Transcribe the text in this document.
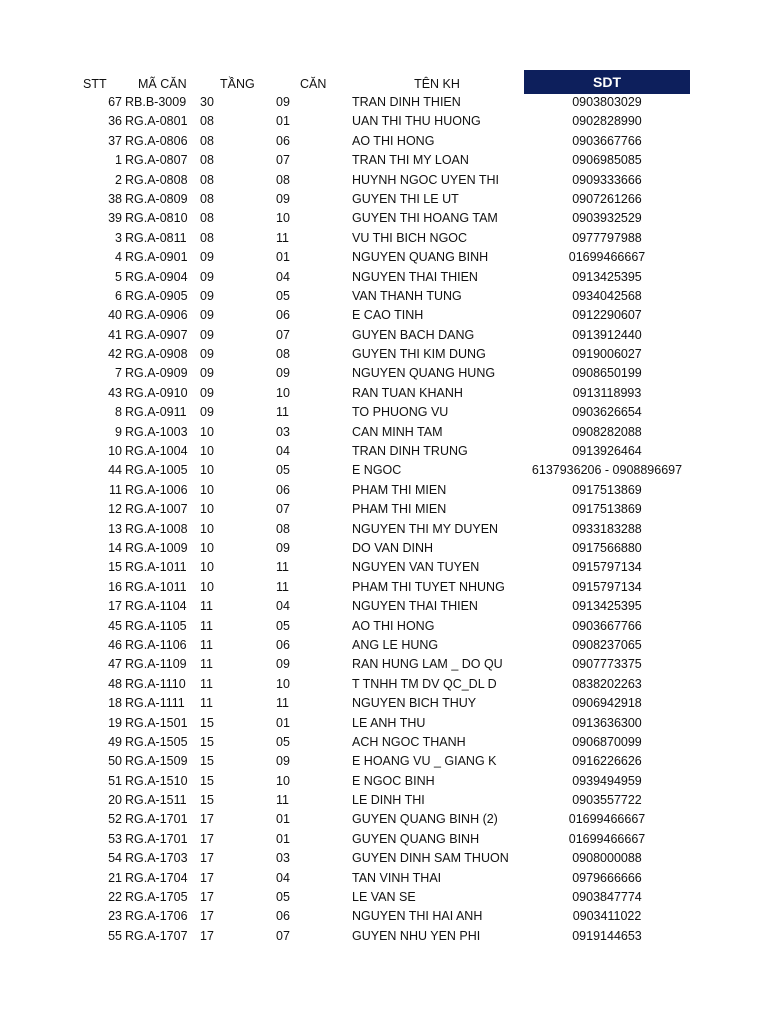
STT	MÃ CĂN	TẦNG	CĂN	TÊN KH	SDT
67 RB.B-3009 30	09	TRAN DINH THIEN	0903803029
36 RG.A-0801 08	01	UAN THI THU HUONG	0902828990
37 RG.A-0806 08	06	AO THI HONG	0903667766
1 RG.A-0807 08	07	TRAN THI MY LOAN	0906985085
2 RG.A-0808 08	08	HUYNH NGOC UYEN THI	0909333666
38 RG.A-0809 08	09	GUYEN THI LE UT	0907261266
39 RG.A-0810 08	10	GUYEN THI HOANG TAM	0903932529
3 RG.A-0811 08	11	VU THI BICH NGOC	0977797988
4 RG.A-0901 09	01	NGUYEN QUANG BINH	01699466667
5 RG.A-0904 09	04	NGUYEN THAI THIEN	0913425395
6 RG.A-0905 09	05	VAN THANH TUNG	0934042568
40 RG.A-0906 09	06	E CAO TINH	0912290607
41 RG.A-0907 09	07	GUYEN BACH DANG	0913912440
42 RG.A-0908 09	08	GUYEN THI KIM DUNG	0919006027
7 RG.A-0909 09	09	NGUYEN QUANG HUNG	0908650199
43 RG.A-0910 09	10	RAN TUAN KHANH	0913118993
8 RG.A-0911 09	11	TO PHUONG VU	0903626654
9 RG.A-1003 10	03	CAN MINH TAM	0908282088
10 RG.A-1004 10	04	TRAN DINH TRUNG	0913926464
44 RG.A-1005 10	05	E NGOC	6137936206 - 0908896697
11 RG.A-1006 10	06	PHAM THI MIEN	0917513869
12 RG.A-1007 10	07	PHAM THI MIEN	0917513869
13 RG.A-1008 10	08	NGUYEN THI MY DUYEN	0933183288
14 RG.A-1009 10	09	DO VAN DINH	0917566880
15 RG.A-1011 10	11	NGUYEN VAN TUYEN	0915797134
16 RG.A-1011 10	11	PHAM THI TUYET NHUNG	0915797134
17 RG.A-1104 11	04	NGUYEN THAI THIEN	0913425395
45 RG.A-1105 11	05	AO THI HONG	0903667766
46 RG.A-1106 11	06	ANG LE HUNG	0908237065
47 RG.A-1109 11	09	RAN HUNG LAM _ DO QU	0907773375
48 RG.A-1110 11	10	T TNHH TM DV QC_DL D	0838202263
18 RG.A-1111 11	11	NGUYEN BICH THUY	0906942918
19 RG.A-1501 15	01	LE ANH THU	0913636300
49 RG.A-1505 15	05	ACH NGOC THANH	0906870099
50 RG.A-1509 15	09	E HOANG VU _ GIANG K	0916226626
51 RG.A-1510 15	10	E NGOC BINH	0939494959
20 RG.A-1511 15	11	LE DINH THI	0903557722
52 RG.A-1701 17	01	GUYEN QUANG BINH (2)	01699466667
53 RG.A-1701 17	01	GUYEN QUANG BINH	01699466667
54 RG.A-1703 17	03	GUYEN DINH SAM THUON	0908000088
21 RG.A-1704 17	04	TAN VINH THAI	0979666666
22 RG.A-1705 17	05	LE VAN SE	0903847774
23 RG.A-1706 17	06	NGUYEN THI HAI ANH	0903411022
55 RG.A-1707 17	07	GUYEN NHU YEN PHI	0919144653
